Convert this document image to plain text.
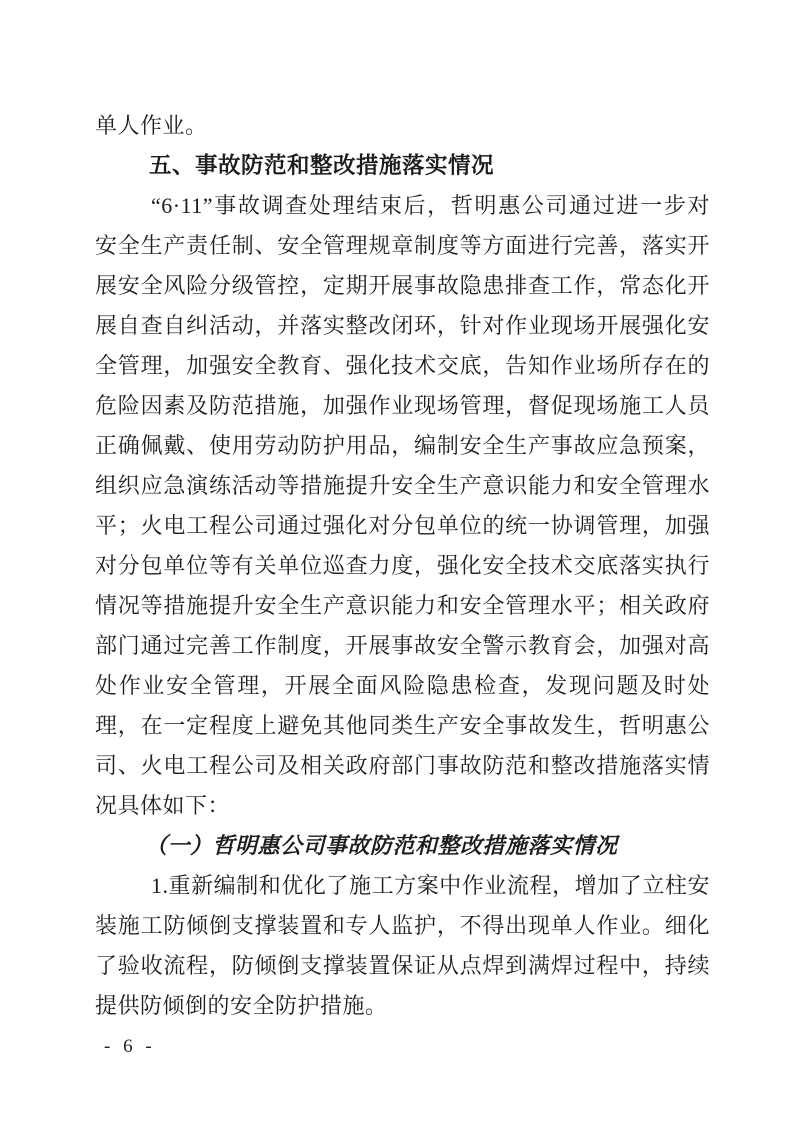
单人作业。
五、事故防范和整改措施落实情况
“6·11”事故调查处理结束后，哲明惠公司通过进一步对
安全生产责任制、安全管理规章制度等方面进行完善，落实开
展安全风险分级管控，定期开展事故隐患排查工作，常态化开
展自查自纠活动，并落实整改闭环，针对作业现场开展强化安
全管理，加强安全教育、强化技术交底，告知作业场所存在的
危险因素及防范措施，加强作业现场管理，督促现场施工人员
正确佩戴、使用劳动防护用品，编制安全生产事故应急预案，
组织应急演练活动等措施提升安全生产意识能力和安全管理水
平；火电工程公司通过强化对分包单位的统一协调管理，加强
对分包单位等有关单位巡查力度，强化安全技术交底落实执行
情况等措施提升安全生产意识能力和安全管理水平；相关政府
部门通过完善工作制度，开展事故安全警示教育会，加强对高
处作业安全管理，开展全面风险隐患检查，发现问题及时处
理，在一定程度上避免其他同类生产安全事故发生，哲明惠公
司、火电工程公司及相关政府部门事故防范和整改措施落实情
况具体如下：
（一）哲明惠公司事故防范和整改措施落实情况
1.重新编制和优化了施工方案中作业流程，增加了立柱安
装施工防倾倒支撑装置和专人监护，不得出现单人作业。细化
了验收流程，防倾倒支撑装置保证从点焊到满焊过程中，持续
提供防倾倒的安全防护措施。
- 6 -
